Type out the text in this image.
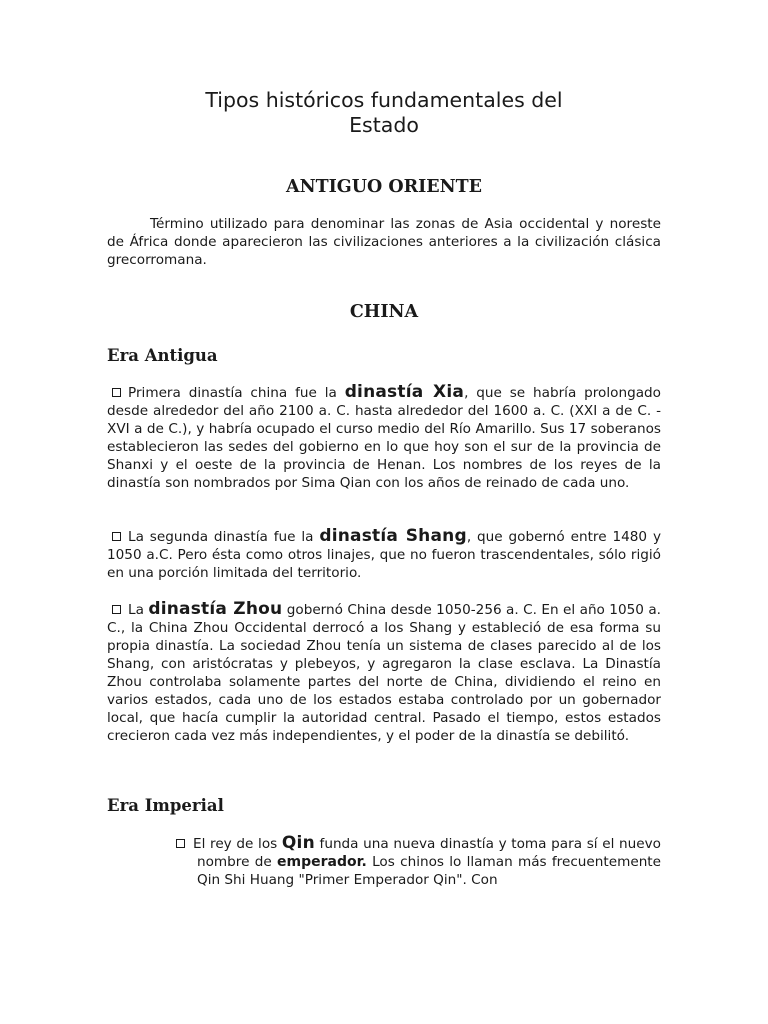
Tipos históricos fundamentales del
Estado
ANTIGUO ORIENTE

Término utilizado para denominar las zonas de Asia occidental y noreste de África donde aparecieron las civilizaciones anteriores a la civilización clásica grecorromana.

CHINA
Era Antigua

Primera dinastía china fue la dinastía Xia, que se habría prolongado desde alrededor del año 2100 a. C. hasta alrededor del 1600 a. C. (XXI a de C. - XVI a de C.), y habría ocupado el curso medio del Río Amarillo. Sus 17 soberanos establecieron las sedes del gobierno en lo que hoy son el sur de la provincia de Shanxi y el oeste de la provincia de Henan. Los nombres de los reyes de la dinastía son nombrados por Sima Qian con los años de reinado de cada uno.

La segunda dinastía fue la dinastía Shang, que gobernó entre 1480 y 1050 a.C. Pero ésta como otros linajes, que no fueron trascendentales, sólo rigió en una porción limitada del territorio.

La dinastía Zhou gobernó China desde 1050-256 a. C. En el año 1050 a. C., la China Zhou Occidental derrocó a los Shang y estableció de esa forma su propia dinastía. La sociedad Zhou tenía un sistema de clases parecido al de los Shang, con aristócratas y plebeyos, y agregaron la clase esclava. La Dinastía Zhou controlaba solamente partes del norte de China, dividiendo el reino en varios estados, cada uno de los estados estaba controlado por un gobernador local, que hacía cumplir la autoridad central. Pasado el tiempo, estos estados crecieron cada vez más independientes, y el poder de la dinastía se debilitó.

Era Imperial

El rey de los Qin funda una nueva dinastía y toma para sí el nuevo nombre de emperador. Los chinos lo llaman más frecuentemente Qin Shi Huang "Primer Emperador Qin". Con
